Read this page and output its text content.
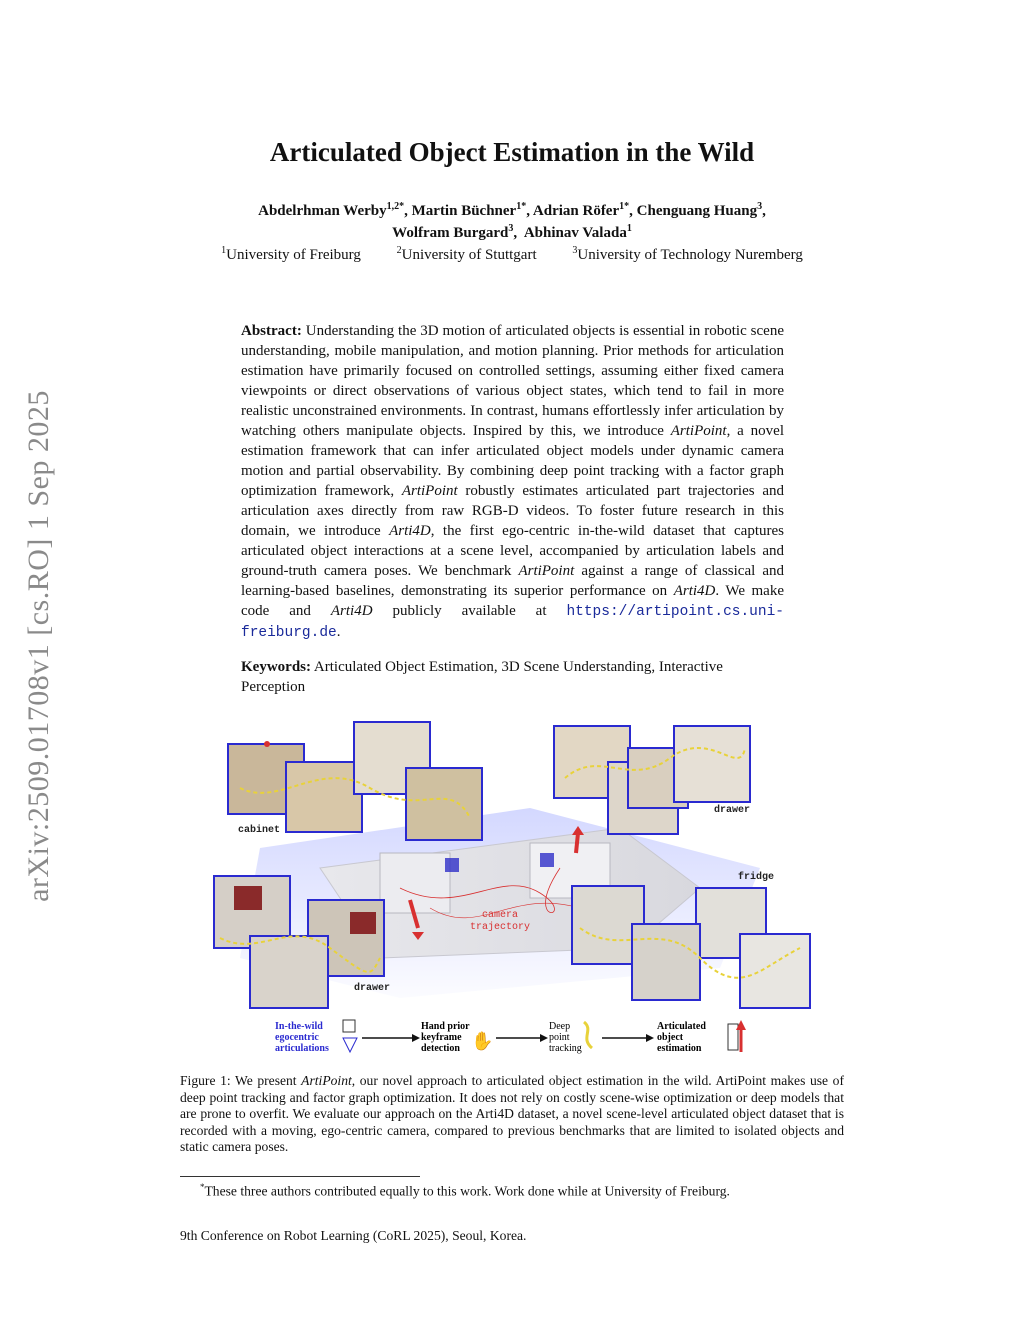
arXiv:2509.01708v1 [cs.RO] 1 Sep 2025
Articulated Object Estimation in the Wild
Abdelrhman Werby$^{1,2*}$, Martin Büchner$^{1*}$, Adrian Röfer$^{1*}$, Chenguang Huang$^3$,
Wolfram Burgard$^3$,  Abhinav Valada$^1$
$^1$University of Freiburg	$^2$University of Stuttgart	$^3$University of Technology Nuremberg
Abstract: Understanding the 3D motion of articulated objects is essential in robotic scene understanding, mobile manipulation, and motion planning. Prior methods for articulation estimation have primarily focused on controlled settings, assuming either fixed camera viewpoints or direct observations of various object states, which tend to fail in more realistic unconstrained environments. In contrast, humans effortlessly infer articulation by watching others manipulate objects. Inspired by this, we introduce ArtiPoint, a novel estimation framework that can infer articulated object models under dynamic camera motion and partial observability. By combining deep point tracking with a factor graph optimization framework, ArtiPoint robustly estimates articulated part trajectories and articulation axes directly from raw RGB-D videos. To foster future research in this domain, we introduce Arti4D, the first ego-centric in-the-wild dataset that captures articulated object interactions at a scene level, accompanied by articulation labels and ground-truth camera poses. We benchmark ArtiPoint against a range of classical and learning-based baselines, demonstrating its superior performance on Arti4D. We make code and Arti4D publicly available at https://artipoint.cs.uni-freiburg.de.
Keywords: Articulated Object Estimation, 3D Scene Understanding, Interactive Perception
camera
trajectory
cabinet
drawer
drawer
fridge
In-the-wild
egocentric
articulations
Hand prior
keyframe
detection ✋
Deep
point
tracking
Articulated
object
estimation
Figure 1: We present ArtiPoint, our novel approach to articulated object estimation in the wild. ArtiPoint makes use of deep point tracking and factor graph optimization. It does not rely on costly scene-wise optimization or deep models that are prone to overfit. We evaluate our approach on the Arti4D dataset, a novel scene-level articulated object dataset that is recorded with a moving, ego-centric camera, compared to previous benchmarks that are limited to isolated objects and static camera poses.
*These three authors contributed equally to this work. Work done while at University of Freiburg.
9th Conference on Robot Learning (CoRL 2025), Seoul, Korea.
